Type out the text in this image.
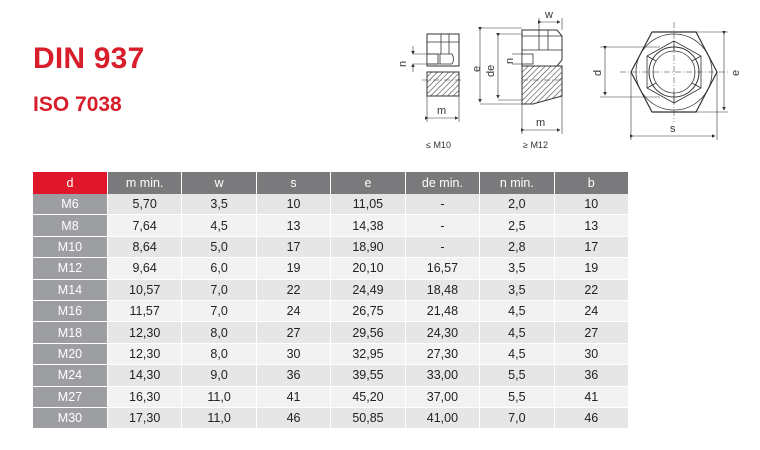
DIN 937
ISO 7038
n
m
≤ M10
e de
n
w
m
≥ M12
d	e
s
d	m min.	w	s	e	de min.	n min.	b
M6	5,70	3,5	10	11,05	-	2,0	10
M8	7,64	4,5	13	14,38	-	2,5	13
M10	8,64	5,0	17	18,90	-	2,8	17
M12	9,64	6,0	19	20,10	16,57	3,5	19
M14	10,57	7,0	22	24,49	18,48	3,5	22
M16	11,57	7,0	24	26,75	21,48	4,5	24
M18	12,30	8,0	27	29,56	24,30	4,5	27
M20	12,30	8,0	30	32,95	27,30	4,5	30
M24	14,30	9,0	36	39,55	33,00	5,5	36
M27	16,30	11,0	41	45,20	37,00	5,5	41
M30	17,30	11,0	46	50,85	41,00	7,0	46
